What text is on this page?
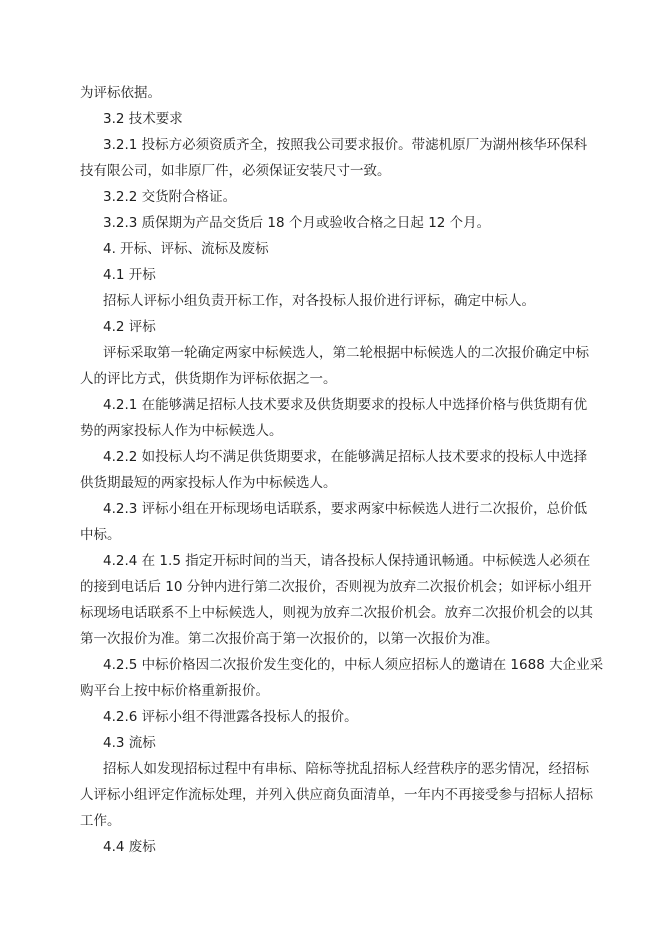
为评标依据。
3.2 技术要求
3.2.1 投标方必须资质齐全，按照我公司要求报价。带滤机原厂为湖州核华环保科
技有限公司，如非原厂件，必须保证安装尺寸一致。
3.2.2 交货附合格证。
3.2.3 质保期为产品交货后 18 个月或验收合格之日起 12 个月。
4. 开标、评标、流标及废标
4.1 开标
招标人评标小组负责开标工作，对各投标人报价进行评标，确定中标人。
4.2 评标
评标采取第一轮确定两家中标候选人，第二轮根据中标候选人的二次报价确定中标
人的评比方式，供货期作为评标依据之一。
4.2.1 在能够满足招标人技术要求及供货期要求的投标人中选择价格与供货期有优
势的两家投标人作为中标候选人。
4.2.2 如投标人均不满足供货期要求，在能够满足招标人技术要求的投标人中选择
供货期最短的两家投标人作为中标候选人。
4.2.3 评标小组在开标现场电话联系，要求两家中标候选人进行二次报价，总价低
中标。
4.2.4 在 1.5 指定开标时间的当天，请各投标人保持通讯畅通。中标候选人必须在
的接到电话后 10 分钟内进行第二次报价，否则视为放弃二次报价机会；如评标小组开
标现场电话联系不上中标候选人，则视为放弃二次报价机会。放弃二次报价机会的以其
第一次报价为准。第二次报价高于第一次报价的，以第一次报价为准。
4.2.5 中标价格因二次报价发生变化的，中标人须应招标人的邀请在 1688 大企业采
购平台上按中标价格重新报价。
4.2.6 评标小组不得泄露各投标人的报价。
4.3 流标
招标人如发现招标过程中有串标、陪标等扰乱招标人经营秩序的恶劣情况，经招标
人评标小组评定作流标处理，并列入供应商负面清单，一年内不再接受参与招标人招标
工作。
4.4 废标
